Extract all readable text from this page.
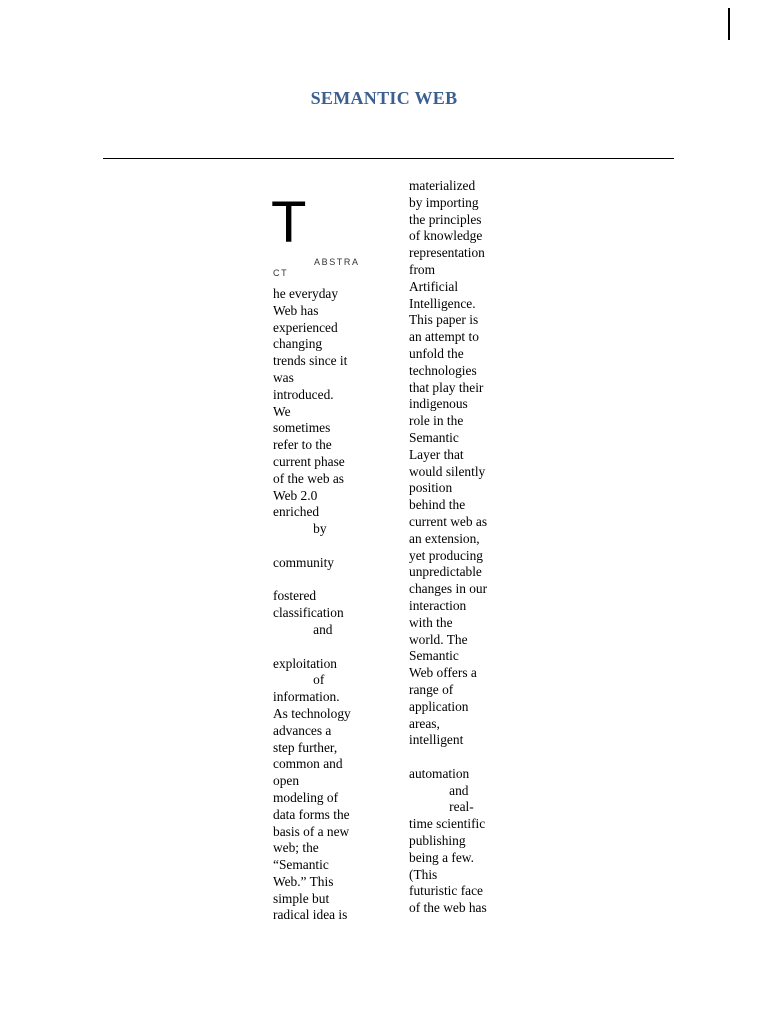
SEMANTIC WEB
T
ABSTRA
CT
he everyday
Web has
experienced
changing
trends since it
was
introduced.
We
sometimes
refer to the
current phase
of the web as
Web 2.0
enriched
by
community
fostered
classification
and
exploitation
of
information.
As technology
advances a
step further,
common and
open
modeling of
data forms the
basis of a new
web; the
“Semantic
Web.” This
simple but
radical idea is
materialized
by importing
the principles
of knowledge
representation
from
Artificial
Intelligence.
This paper is
an attempt to
unfold the
technologies
that play their
indigenous
role in the
Semantic
Layer that
would silently
position
behind the
current web as
an extension,
yet producing
unpredictable
changes in our
interaction
with the
world. The
Semantic
Web offers a
range of
application
areas,
intelligent
automation
and
real-
time scientific
publishing
being a few.
(This
futuristic face
of the web has
